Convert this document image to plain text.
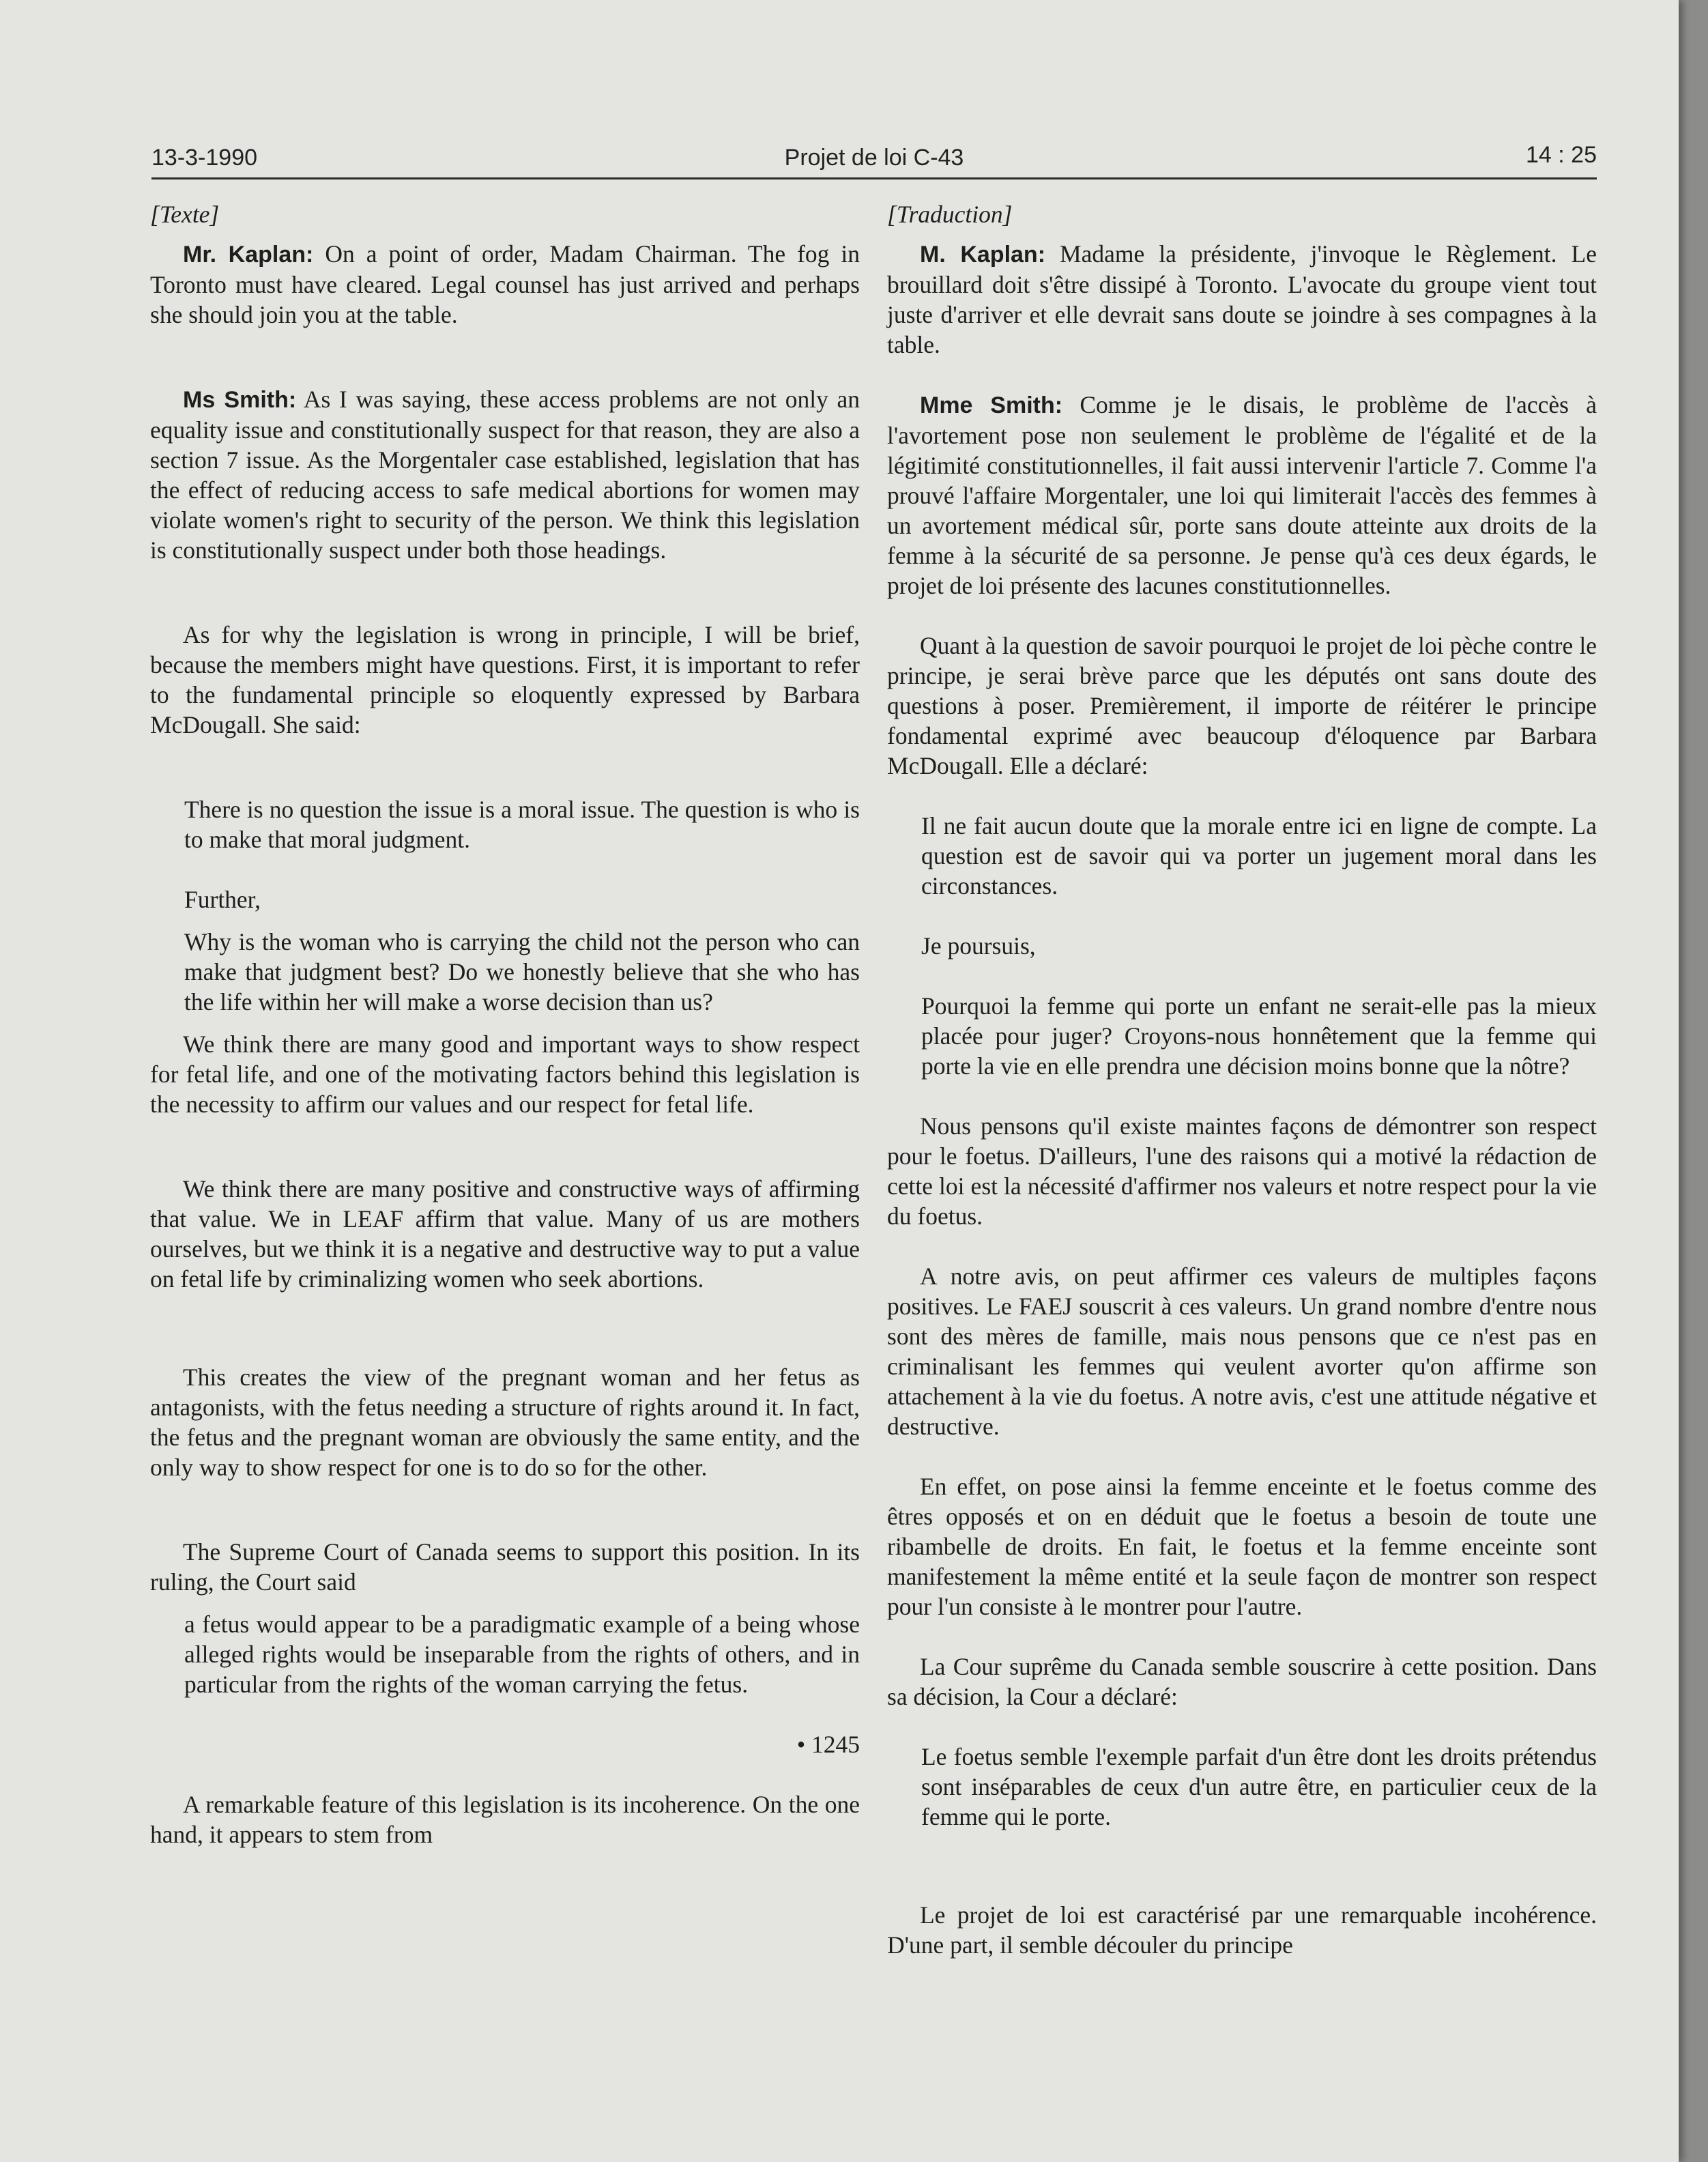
13-3-1990	Projet de loi C-43	14 : 25

[Texte]

Mr. Kaplan: On a point of order, Madam Chairman. The fog in Toronto must have cleared. Legal counsel has just arrived and perhaps she should join you at the table.

Ms Smith: As I was saying, these access problems are not only an equality issue and constitutionally suspect for that reason, they are also a section 7 issue. As the Morgentaler case established, legislation that has the effect of reducing access to safe medical abortions for women may violate women's right to security of the person. We think this legislation is constitutionally suspect under both those headings.

As for why the legislation is wrong in principle, I will be brief, because the members might have questions. First, it is important to refer to the fundamental principle so eloquently expressed by Barbara McDougall. She said:

There is no question the issue is a moral issue. The question is who is to make that moral judgment.

Further,

Why is the woman who is carrying the child not the person who can make that judgment best? Do we honestly believe that she who has the life within her will make a worse decision than us?

We think there are many good and important ways to show respect for fetal life, and one of the motivating factors behind this legislation is the necessity to affirm our values and our respect for fetal life.

We think there are many positive and constructive ways of affirming that value. We in LEAF affirm that value. Many of us are mothers ourselves, but we think it is a negative and destructive way to put a value on fetal life by criminalizing women who seek abortions.

This creates the view of the pregnant woman and her fetus as antagonists, with the fetus needing a structure of rights around it. In fact, the fetus and the pregnant woman are obviously the same entity, and the only way to show respect for one is to do so for the other.

The Supreme Court of Canada seems to support this position. In its ruling, the Court said

a fetus would appear to be a paradigmatic example of a being whose alleged rights would be inseparable from the rights of others, and in particular from the rights of the woman carrying the fetus.

• 1245

A remarkable feature of this legislation is its incoherence. On the one hand, it appears to stem from

[Traduction]

M. Kaplan: Madame la présidente, j'invoque le Règlement. Le brouillard doit s'être dissipé à Toronto. L'avocate du groupe vient tout juste d'arriver et elle devrait sans doute se joindre à ses compagnes à la table.

Mme Smith: Comme je le disais, le problème de l'accès à l'avortement pose non seulement le problème de l'égalité et de la légitimité constitutionnelles, il fait aussi intervenir l'article 7. Comme l'a prouvé l'affaire Morgentaler, une loi qui limiterait l'accès des femmes à un avortement médical sûr, porte sans doute atteinte aux droits de la femme à la sécurité de sa personne. Je pense qu'à ces deux égards, le projet de loi présente des lacunes constitutionnelles.

Quant à la question de savoir pourquoi le projet de loi pèche contre le principe, je serai brève parce que les députés ont sans doute des questions à poser. Premièrement, il importe de réitérer le principe fondamental exprimé avec beaucoup d'éloquence par Barbara McDougall. Elle a déclaré:

Il ne fait aucun doute que la morale entre ici en ligne de compte. La question est de savoir qui va porter un jugement moral dans les circonstances.

Je poursuis,

Pourquoi la femme qui porte un enfant ne serait-elle pas la mieux placée pour juger? Croyons-nous honnêtement que la femme qui porte la vie en elle prendra une décision moins bonne que la nôtre?

Nous pensons qu'il existe maintes façons de démontrer son respect pour le foetus. D'ailleurs, l'une des raisons qui a motivé la rédaction de cette loi est la nécessité d'affirmer nos valeurs et notre respect pour la vie du foetus.

A notre avis, on peut affirmer ces valeurs de multiples façons positives. Le FAEJ souscrit à ces valeurs. Un grand nombre d'entre nous sont des mères de famille, mais nous pensons que ce n'est pas en criminalisant les femmes qui veulent avorter qu'on affirme son attachement à la vie du foetus. A notre avis, c'est une attitude négative et destructive.

En effet, on pose ainsi la femme enceinte et le foetus comme des êtres opposés et on en déduit que le foetus a besoin de toute une ribambelle de droits. En fait, le foetus et la femme enceinte sont manifestement la même entité et la seule façon de montrer son respect pour l'un consiste à le montrer pour l'autre.

La Cour suprême du Canada semble souscrire à cette position. Dans sa décision, la Cour a déclaré:

Le foetus semble l'exemple parfait d'un être dont les droits prétendus sont inséparables de ceux d'un autre être, en particulier ceux de la femme qui le porte.

Le projet de loi est caractérisé par une remarquable incohérence. D'une part, il semble découler du principe
